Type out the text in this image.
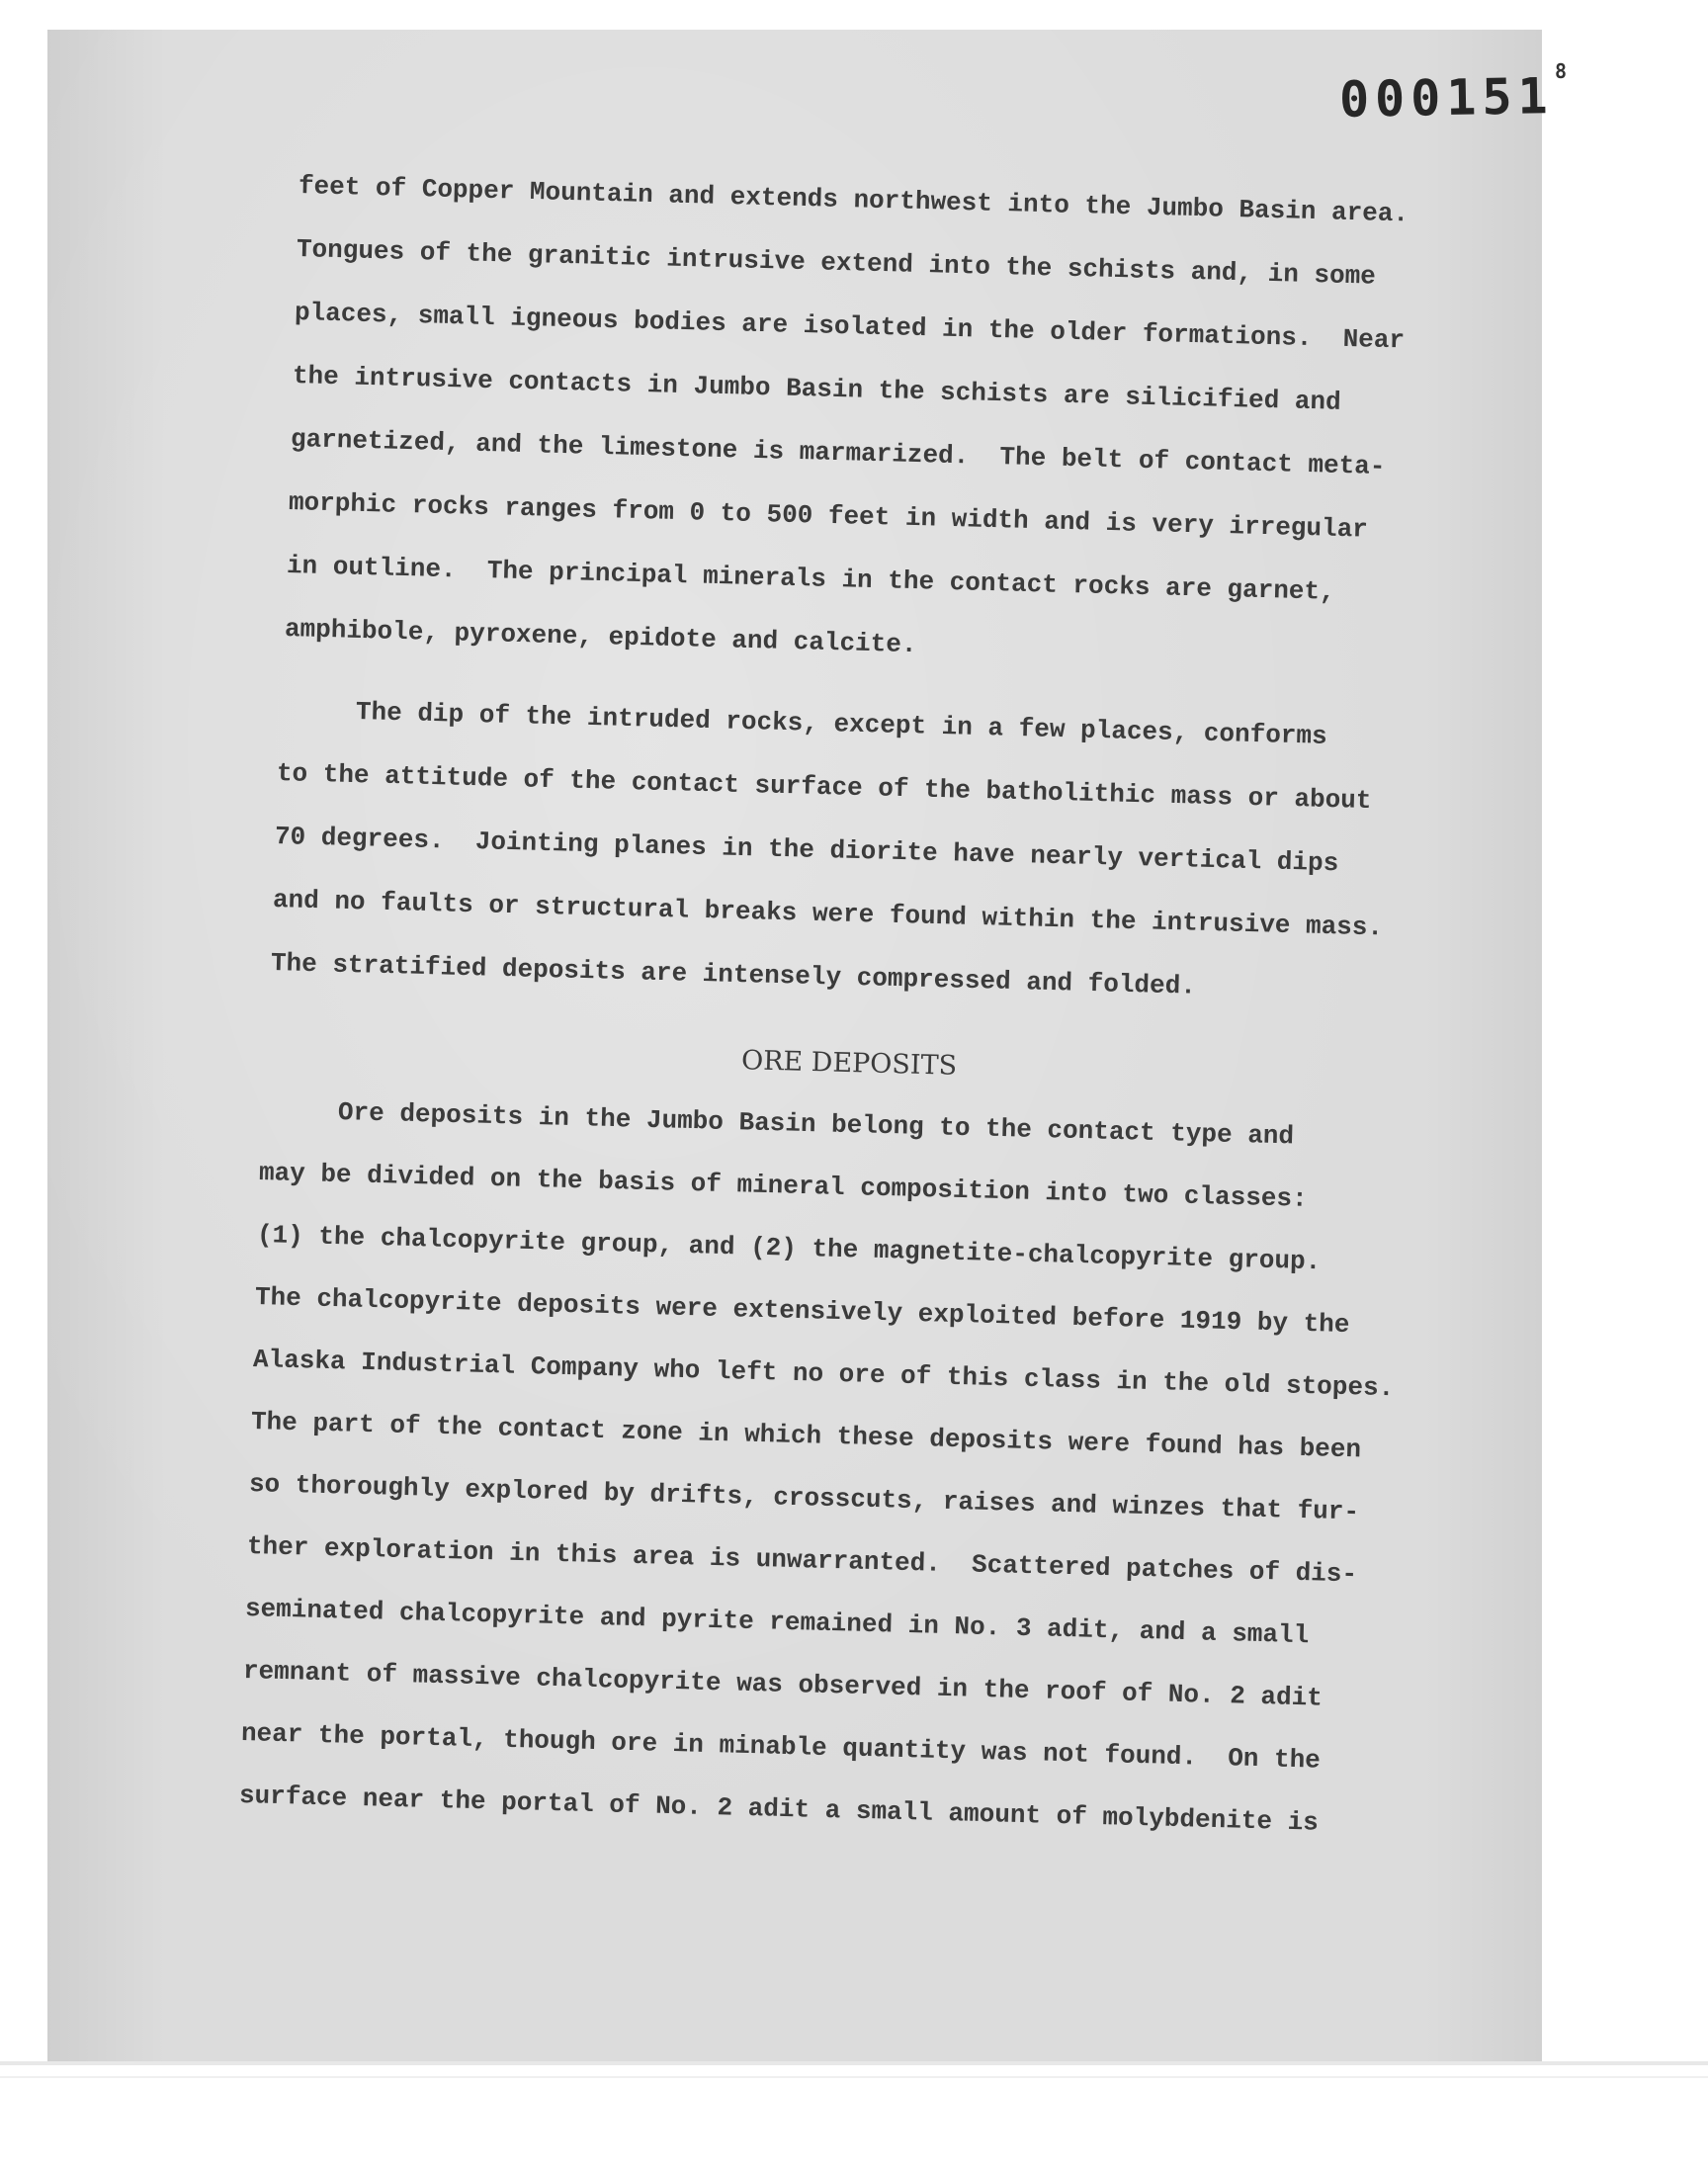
000151 8
feet of Copper Mountain and extends northwest into the Jumbo Basin area.
Tongues of the granitic intrusive extend into the schists and, in some
places, small igneous bodies are isolated in the older formations.  Near
the intrusive contacts in Jumbo Basin the schists are silicified and
garnetized, and the limestone is marmarized.  The belt of contact meta-
morphic rocks ranges from 0 to 500 feet in width and is very irregular
in outline.  The principal minerals in the contact rocks are garnet,
amphibole, pyroxene, epidote and calcite.
The dip of the intruded rocks, except in a few places, conforms
to the attitude of the contact surface of the batholithic mass or about
70 degrees.  Jointing planes in the diorite have nearly vertical dips
and no faults or structural breaks were found within the intrusive mass.
The stratified deposits are intensely compressed and folded.
ORE DEPOSITS
Ore deposits in the Jumbo Basin belong to the contact type and
may be divided on the basis of mineral composition into two classes:
(1) the chalcopyrite group, and (2) the magnetite-chalcopyrite group.
The chalcopyrite deposits were extensively exploited before 1919 by the
Alaska Industrial Company who left no ore of this class in the old stopes.
The part of the contact zone in which these deposits were found has been
so thoroughly explored by drifts, crosscuts, raises and winzes that fur-
ther exploration in this area is unwarranted.  Scattered patches of dis-
seminated chalcopyrite and pyrite remained in No. 3 adit, and a small
remnant of massive chalcopyrite was observed in the roof of No. 2 adit
near the portal, though ore in minable quantity was not found.  On the
surface near the portal of No. 2 adit a small amount of molybdenite is
